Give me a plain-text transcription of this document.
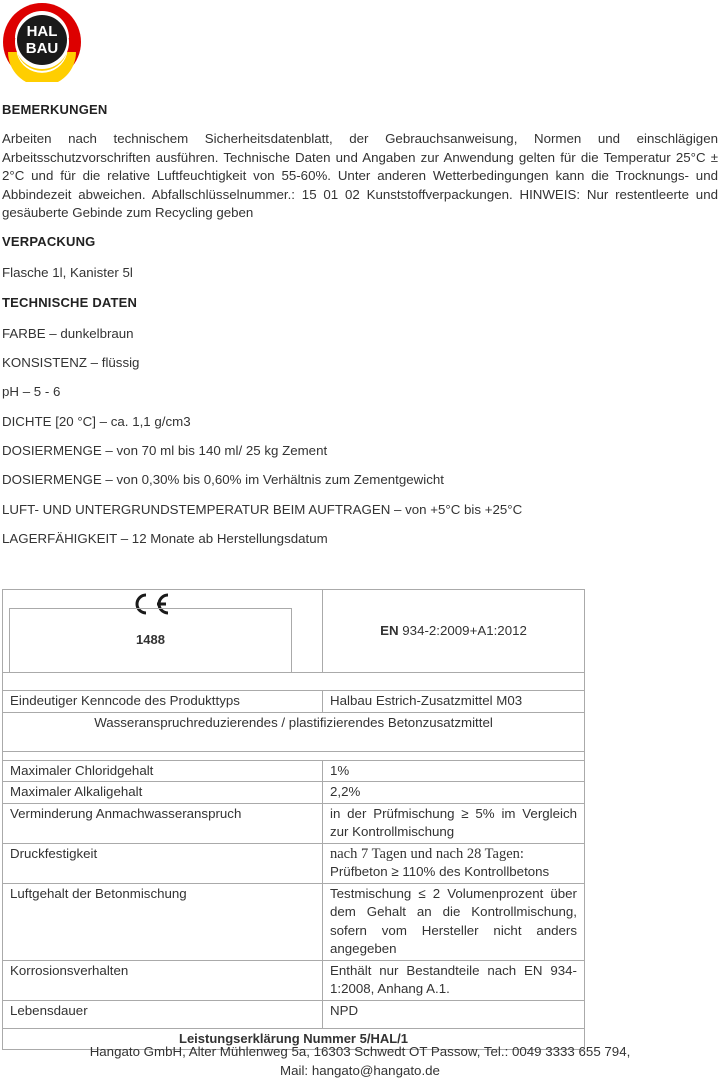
HAL
BAU

BEMERKUNGEN

Arbeiten nach technischem Sicherheitsdatenblatt, der Gebrauchsanweisung, Normen und einschlägigen Arbeitsschutzvorschriften ausführen. Technische Daten und Angaben zur Anwendung gelten für die Temperatur 25°C ± 2°C und für die relative Luftfeuchtigkeit von 55-60%. Unter anderen Wetterbedingungen kann die Trocknungs- und Abbindezeit abweichen. Abfallschlüsselnummer.: 15 01 02 Kunststoffverpackungen. HINWEIS: Nur restentleerte und gesäuberte Gebinde zum Recycling geben

VERPACKUNG

Flasche 1l, Kanister 5l

TECHNISCHE DATEN

FARBE – dunkelbraun

KONSISTENZ – flüssig

pH – 5 - 6

DICHTE [20 °C] – ca. 1,1 g/cm3

DOSIERMENGE – von 70 ml bis 140 ml/ 25 kg Zement

DOSIERMENGE – von 0,30% bis 0,60% im Verhältnis zum Zementgewicht

LUFT- UND UNTERGRUNDSTEMPERATUR BEIM AUFTRAGEN – von +5°C bis +25°C

LAGERFÄHIGKEIT – 12 Monate ab Herstellungsdatum

1488	EN 934-2:2009+A1:2012

Eindeutiger Kenncode des Produkttyps	Halbau Estrich-Zusatzmittel M03
Wasseranspruchreduzierendes / plastifizierendes Betonzusatzmittel	

Maximaler Chloridgehalt	1%
Maximaler Alkaligehalt	2,2%
Verminderung Anmachwasseranspruch	in der Prüfmischung ≥ 5% im Vergleich zur Kontrollmischung
Druckfestigkeit	nach 7 Tagen und nach 28 Tagen:
Prüfbeton ≥ 110% des Kontrollbetons

Luftgehalt der Betonmischung	Testmischung ≤ 2 Volumenprozent über dem Gehalt an die Kontrollmischung, sofern vom Hersteller nicht anders angegeben
Korrosionsverhalten	Enthält nur Bestandteile nach EN 934-1:2008, Anhang A.1.
Lebensdauer	NPD
Leistungserklärung Nummer 5/HAL/1	
Hangato GmbH, Alter Mühlenweg 5a, 16303 Schwedt OT Passow, Tel.: 0049 3333 655 794,
Mail: hangato@hangato.de
